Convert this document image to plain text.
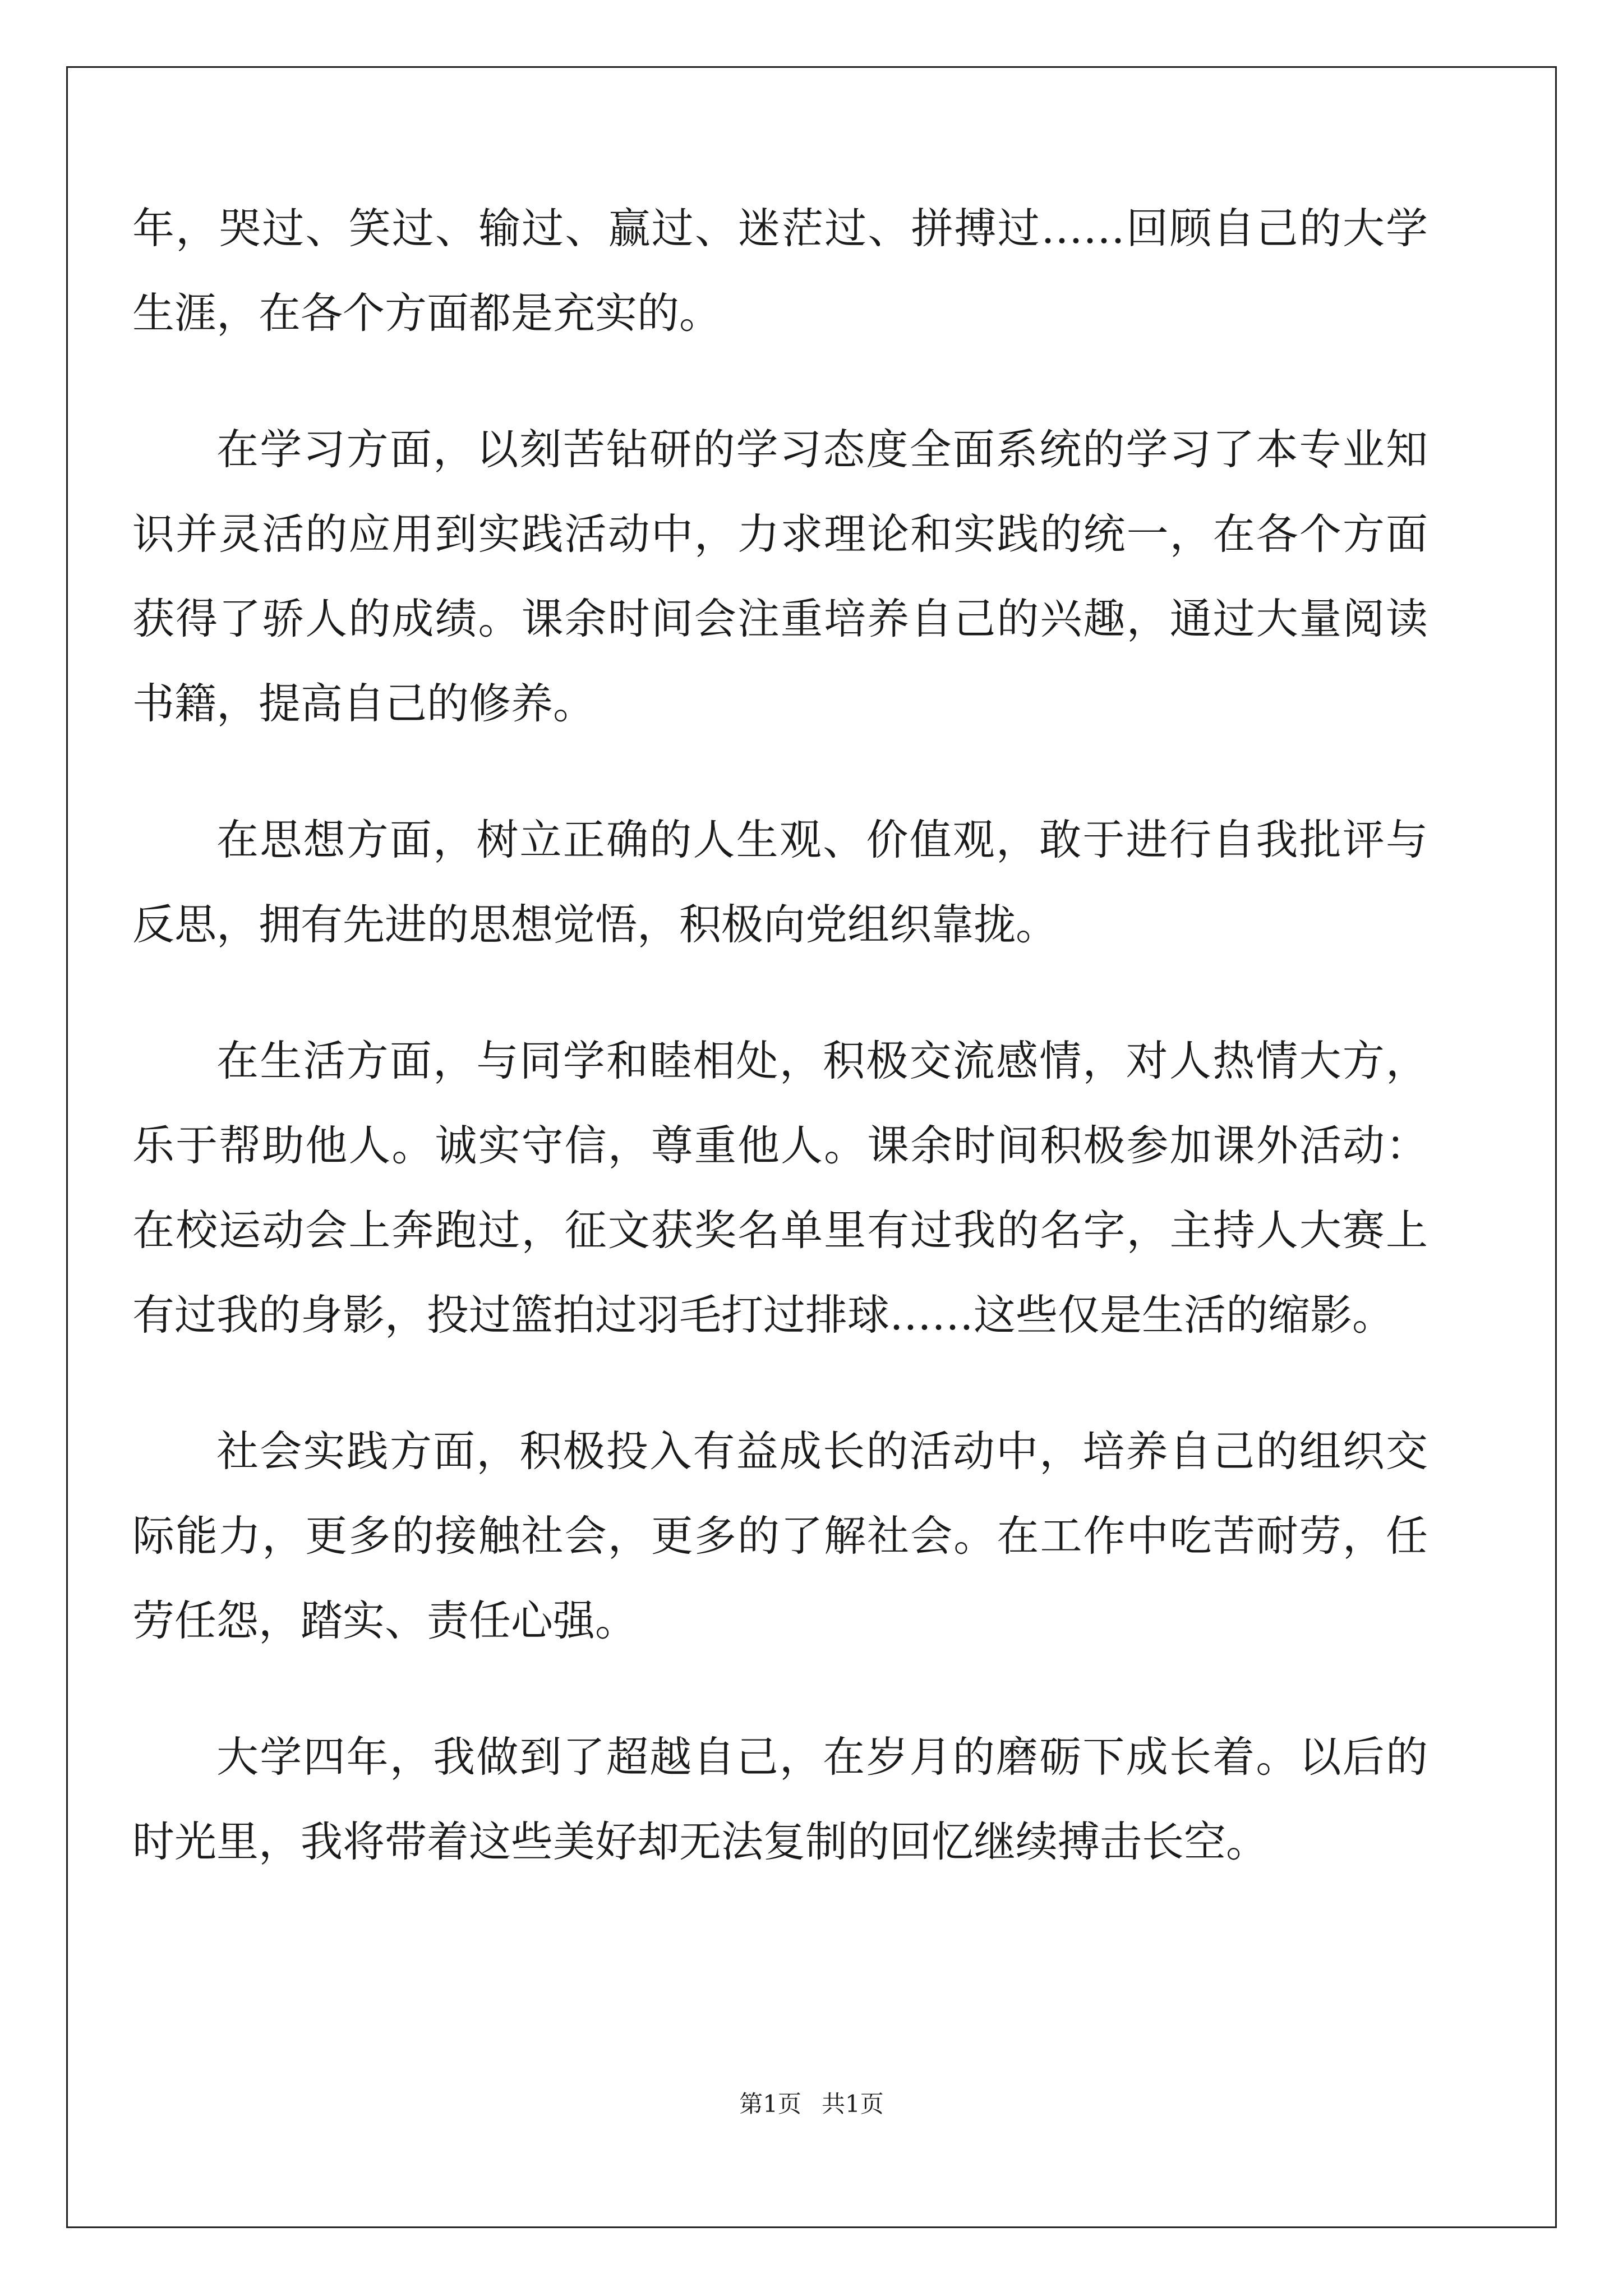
年，哭过、笑过、输过、赢过、迷茫过、拼搏过……回顾自己的大学生涯，在各个方面都是充实的。

在学习方面，以刻苦钻研的学习态度全面系统的学习了本专业知识并灵活的应用到实践活动中，力求理论和实践的统一，在各个方面获得了骄人的成绩。课余时间会注重培养自己的兴趣，通过大量阅读书籍，提高自己的修养。

在思想方面，树立正确的人生观、价值观，敢于进行自我批评与反思，拥有先进的思想觉悟，积极向党组织靠拢。

在生活方面，与同学和睦相处，积极交流感情，对人热情大方，乐于帮助他人。诚实守信，尊重他人。课余时间积极参加课外活动：在校运动会上奔跑过，征文获奖名单里有过我的名字，主持人大赛上有过我的身影，投过篮拍过羽毛打过排球……这些仅是生活的缩影。

社会实践方面，积极投入有益成长的活动中，培养自己的组织交际能力，更多的接触社会，更多的了解社会。在工作中吃苦耐劳，任劳任怨，踏实、责任心强。

大学四年，我做到了超越自己，在岁月的磨砺下成长着。以后的时光里，我将带着这些美好却无法复制的回忆继续搏击长空。

第1页 共1页
